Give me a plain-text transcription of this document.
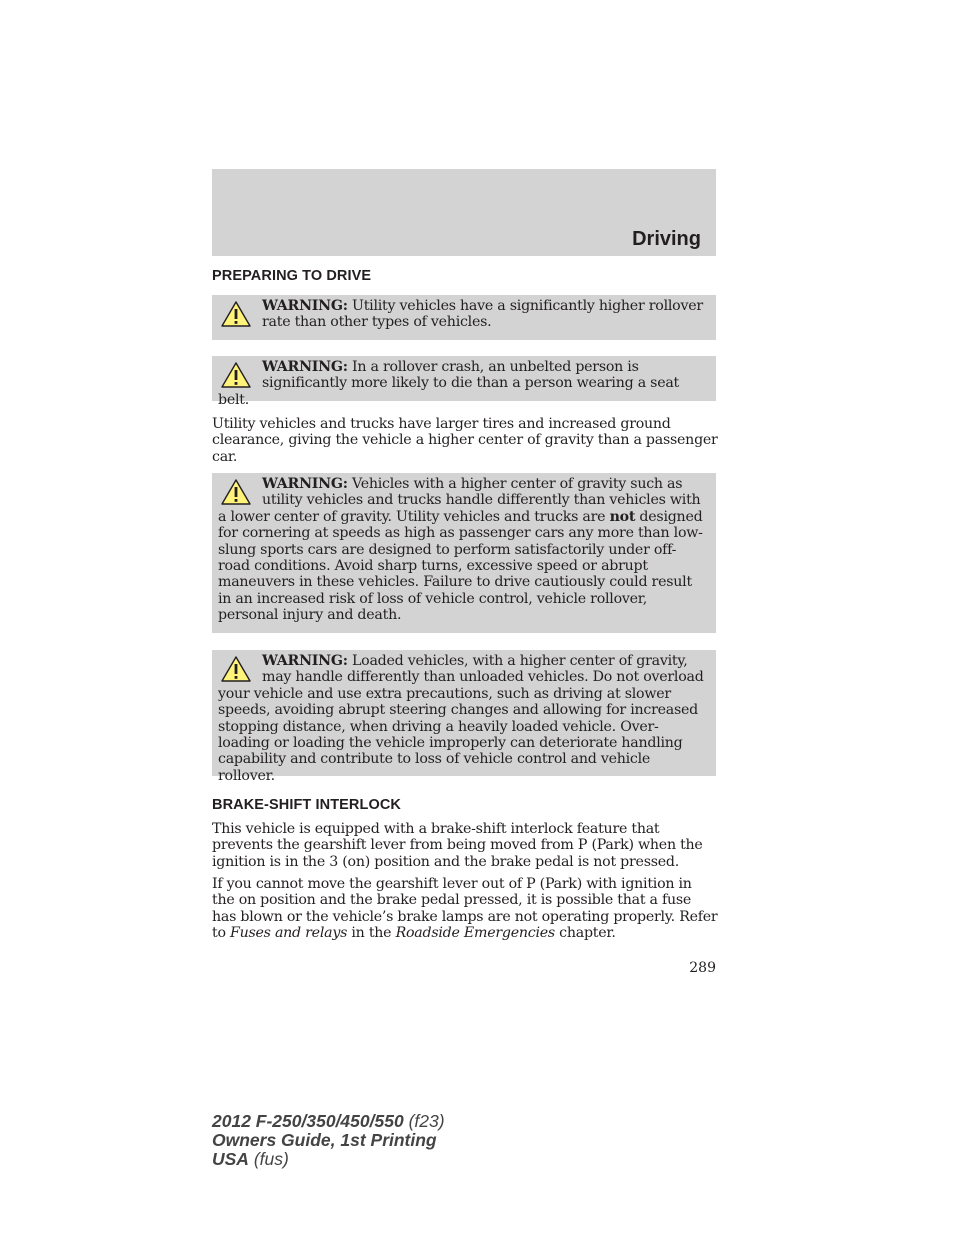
Driving
PREPARING TO DRIVE

WARNING: Utility vehicles have a significantly higher rollover rate than other types of vehicles.

WARNING: In a rollover crash, an unbelted person is significantly more likely to die than a person wearing a seat belt.

Utility vehicles and trucks have larger tires and increased ground clearance, giving the vehicle a higher center of gravity than a passenger car.

WARNING: Vehicles with a higher center of gravity such as utility vehicles and trucks handle differently than vehicles with a lower center of gravity. Utility vehicles and trucks are not designed for cornering at speeds as high as passenger cars any more than low-slung sports cars are designed to perform satisfactorily under off-road conditions. Avoid sharp turns, excessive speed or abrupt maneuvers in these vehicles. Failure to drive cautiously could result in an increased risk of loss of vehicle control, vehicle rollover, personal injury and death.

WARNING: Loaded vehicles, with a higher center of gravity, may handle differently than unloaded vehicles. Do not overload your vehicle and use extra precautions, such as driving at slower speeds, avoiding abrupt steering changes and allowing for increased stopping distance, when driving a heavily loaded vehicle. Over-loading or loading the vehicle improperly can deteriorate handling capability and contribute to loss of vehicle control and vehicle rollover.

BRAKE-SHIFT INTERLOCK

This vehicle is equipped with a brake-shift interlock feature that prevents the gearshift lever from being moved from P (Park) when the ignition is in the 3 (on) position and the brake pedal is not pressed.

If you cannot move the gearshift lever out of P (Park) with ignition in the on position and the brake pedal pressed, it is possible that a fuse has blown or the vehicle’s brake lamps are not operating properly. Refer to Fuses and relays in the Roadside Emergencies chapter.

289
2012 F-250/350/450/550 (f23)
Owners Guide, 1st Printing
USA (fus)
